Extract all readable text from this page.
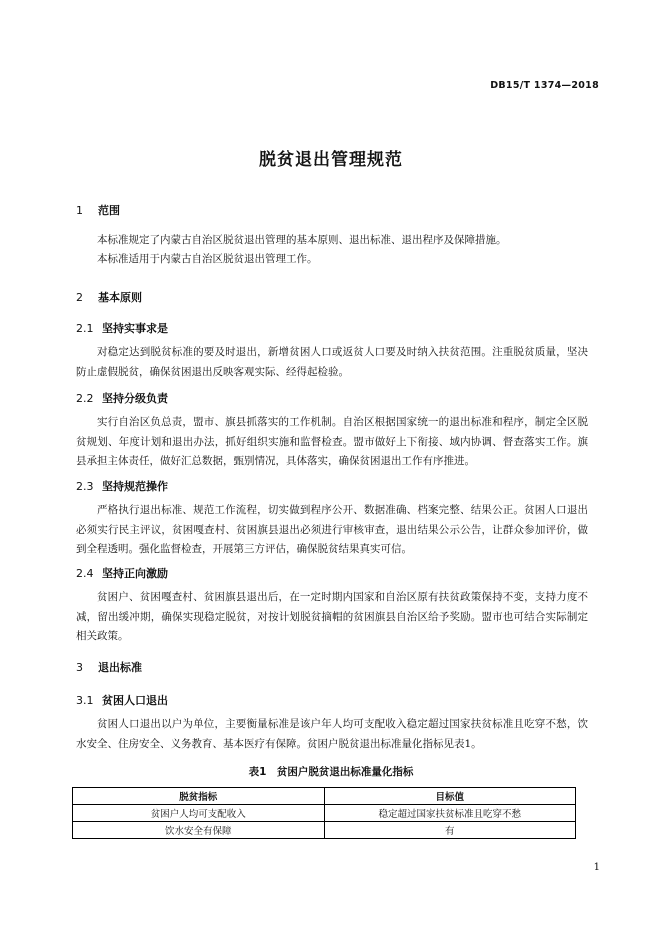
DB15/T 1374—2018
脱贫退出管理规范
1 范围
本标准规定了内蒙古自治区脱贫退出管理的基本原则、退出标准、退出程序及保障措施。
本标准适用于内蒙古自治区脱贫退出管理工作。
2 基本原则
2.1 坚持实事求是
对稳定达到脱贫标准的要及时退出，新增贫困人口或返贫人口要及时纳入扶贫范围。注重脱贫质量，坚决防止虚假脱贫，确保贫困退出反映客观实际、经得起检验。
2.2 坚持分级负责
实行自治区负总责，盟市、旗县抓落实的工作机制。自治区根据国家统一的退出标准和程序，制定全区脱贫规划、年度计划和退出办法，抓好组织实施和监督检查。盟市做好上下衔接、域内协调、督查落实工作。旗县承担主体责任，做好汇总数据，甄别情况，具体落实，确保贫困退出工作有序推进。
2.3 坚持规范操作
严格执行退出标准、规范工作流程，切实做到程序公开、数据准确、档案完整、结果公正。贫困人口退出必须实行民主评议，贫困嘎查村、贫困旗县退出必须进行审核审查，退出结果公示公告，让群众参加评价，做到全程透明。强化监督检查，开展第三方评估，确保脱贫结果真实可信。
2.4 坚持正向激励
贫困户、贫困嘎查村、贫困旗县退出后，在一定时期内国家和自治区原有扶贫政策保持不变，支持力度不减，留出缓冲期，确保实现稳定脱贫，对按计划脱贫摘帽的贫困旗县自治区给予奖励。盟市也可结合实际制定相关政策。
3 退出标准
3.1 贫困人口退出
贫困人口退出以户为单位，主要衡量标准是该户年人均可支配收入稳定超过国家扶贫标准且吃穿不愁，饮水安全、住房安全、义务教育、基本医疗有保障。贫困户脱贫退出标准量化指标见表1。
表1　贫困户脱贫退出标准量化指标
脱贫指标	目标值
贫困户人均可支配收入	稳定超过国家扶贫标准且吃穿不愁
饮水安全有保障	有
1
